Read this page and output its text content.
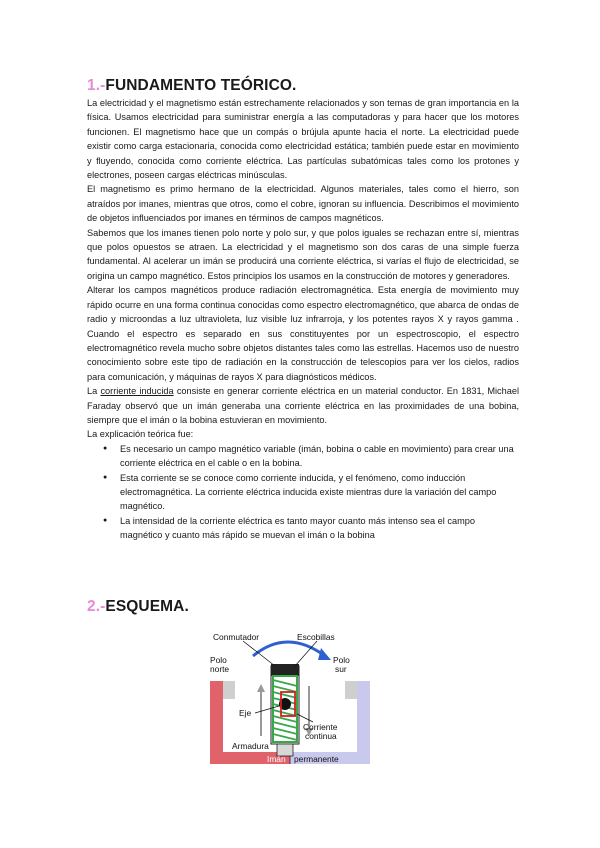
1.-FUNDAMENTO TEÓRICO.

La electricidad y el magnetismo están estrechamente relacionados y son temas de gran importancia en la física. Usamos electricidad para suministrar energía a las computadoras y para hacer que los motores funcionen. El magnetismo hace que un compás o brújula apunte hacia el norte. La electricidad puede existir como carga estacionaria, conocida como electricidad estática; también puede estar en movimiento y fluyendo, conocida como corriente eléctrica. Las partículas subatómicas tales como los protones y electrones, poseen cargas eléctricas minúsculas.

El magnetismo es primo hermano de la electricidad. Algunos materiales, tales como el hierro, son atraídos por imanes, mientras que otros, como el cobre, ignoran su influencia. Describimos el movimiento de objetos influenciados por imanes en términos de campos magnéticos.

Sabemos que los imanes tienen polo norte y polo sur, y que polos iguales se rechazan entre sí, mientras que polos opuestos se atraen. La electricidad y el magnetismo son dos caras de una simple fuerza fundamental. Al acelerar un imán se producirá una corriente eléctrica, si varías el flujo de electricidad, se origina un campo magnético. Estos principios los usamos en la construcción de motores y generadores.

Alterar los campos magnéticos produce radiación electromagnética. Esta energía de movimiento muy rápido ocurre en una forma continua conocidas como espectro electromagnético, que abarca de ondas de radio y microondas a luz ultravioleta, luz visible luz infrarroja, y los potentes rayos X y rayos gamma . Cuando el espectro es separado en sus constituyentes por un espectroscopio, el espectro electromagnético revela mucho sobre objetos distantes tales como las estrellas. Hacemos uso de nuestro conocimiento sobre este tipo de radiación en la construcción de telescopios para ver los cielos, radios para comunicación, y máquinas de rayos X para diagnósticos médicos.

La corriente inducida consiste en generar corriente eléctrica en un material conductor. En 1831, Michael Faraday observó que un imán generaba una corriente eléctrica en las proximidades de una bobina, siempre que el imán o la bobina estuvieran en movimiento.

La explicación teórica fue:

● Es necesario un campo magnético variable (imán, bobina o cable en movimiento) para crear una corriente eléctrica en el cable o en la bobina.
● Esta corriente se se conoce como corriente inducida, y el fenómeno, como inducción electromagnética. La corriente eléctrica inducida existe mientras dure la variación del campo magnético.
● La intensidad de la corriente eléctrica es tanto mayor cuanto más intenso sea el campo magnético y cuanto más rápido se muevan el imán o la bobina
2.-ESQUEMA.
Conmutador	Escobillas
Polo
norte
Polo
sur
Eje
Corriente
continua
Armadura
Imán permanente
